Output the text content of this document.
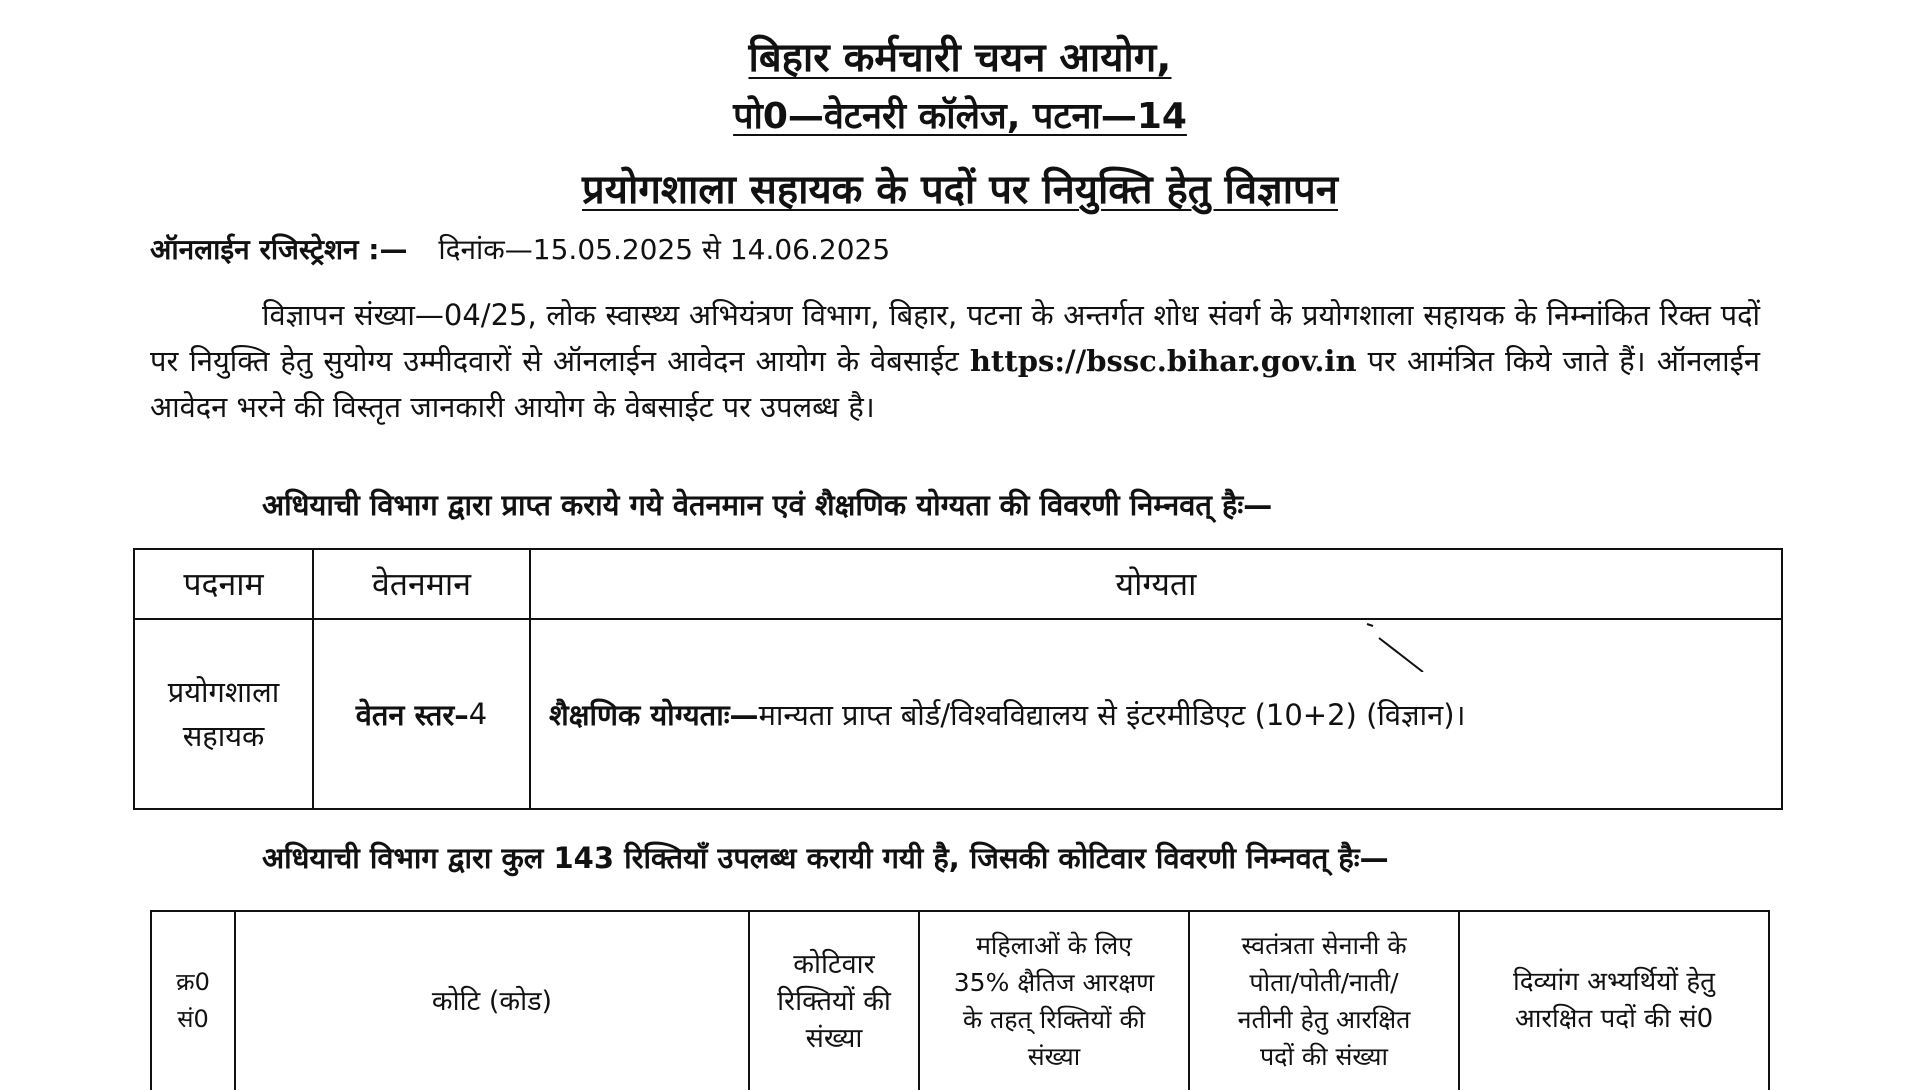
बिहार कर्मचारी चयन आयोग,
पो0—वेटनरी कॉलेज, पटना—14
प्रयोगशाला सहायक के पदों पर नियुक्ति हेतु विज्ञापन
ऑनलाईन रजिस्ट्रेशन :— दिनांक—15.05.2025 से 14.06.2025
विज्ञापन संख्या—04/25, लोक स्वास्थ्य अभियंत्रण विभाग, बिहार, पटना के अन्तर्गत शोध संवर्ग के प्रयोगशाला सहायक के निम्नांकित रिक्त पदों पर नियुक्ति हेतु सुयोग्य उम्मीदवारों से ऑनलाईन आवेदन आयोग के वेबसाईट https://bssc.bihar.gov.in पर आमंत्रित किये जाते हैं। ऑनलाईन आवेदन भरने की विस्तृत जानकारी आयोग के वेबसाईट पर उपलब्ध है।
अधियाची विभाग द्वारा प्राप्त कराये गये वेतनमान एवं शैक्षणिक योग्यता की विवरणी निम्नवत् हैः—
पदनाम	वेतनमान	योग्यता
प्रयोगशाला
सहायक
वेतन स्तर– 4 शैक्षणिक योग्यताः— मान्यता प्राप्त बोर्ड/विश्वविद्यालय से इंटरमीडिएट (10+2) (विज्ञान)।
अधियाची विभाग द्वारा कुल 143 रिक्तियाँ उपलब्ध करायी गयी है, जिसकी कोटिवार विवरणी निम्नवत् हैः—
क्र0
सं0
कोटि (कोड)
कोटिवार
रिक्तियों की
संख्या
महिलाओं के लिए
35% क्षैतिज आरक्षण
के तहत् रिक्तियों की
संख्या
स्वतंत्रता सेनानी के
पोता/पोती/नाती/
नतीनी हेतु आरक्षित
पदों की संख्या
दिव्यांग अभ्यर्थियों हेतु
आरक्षित पदों की सं0
